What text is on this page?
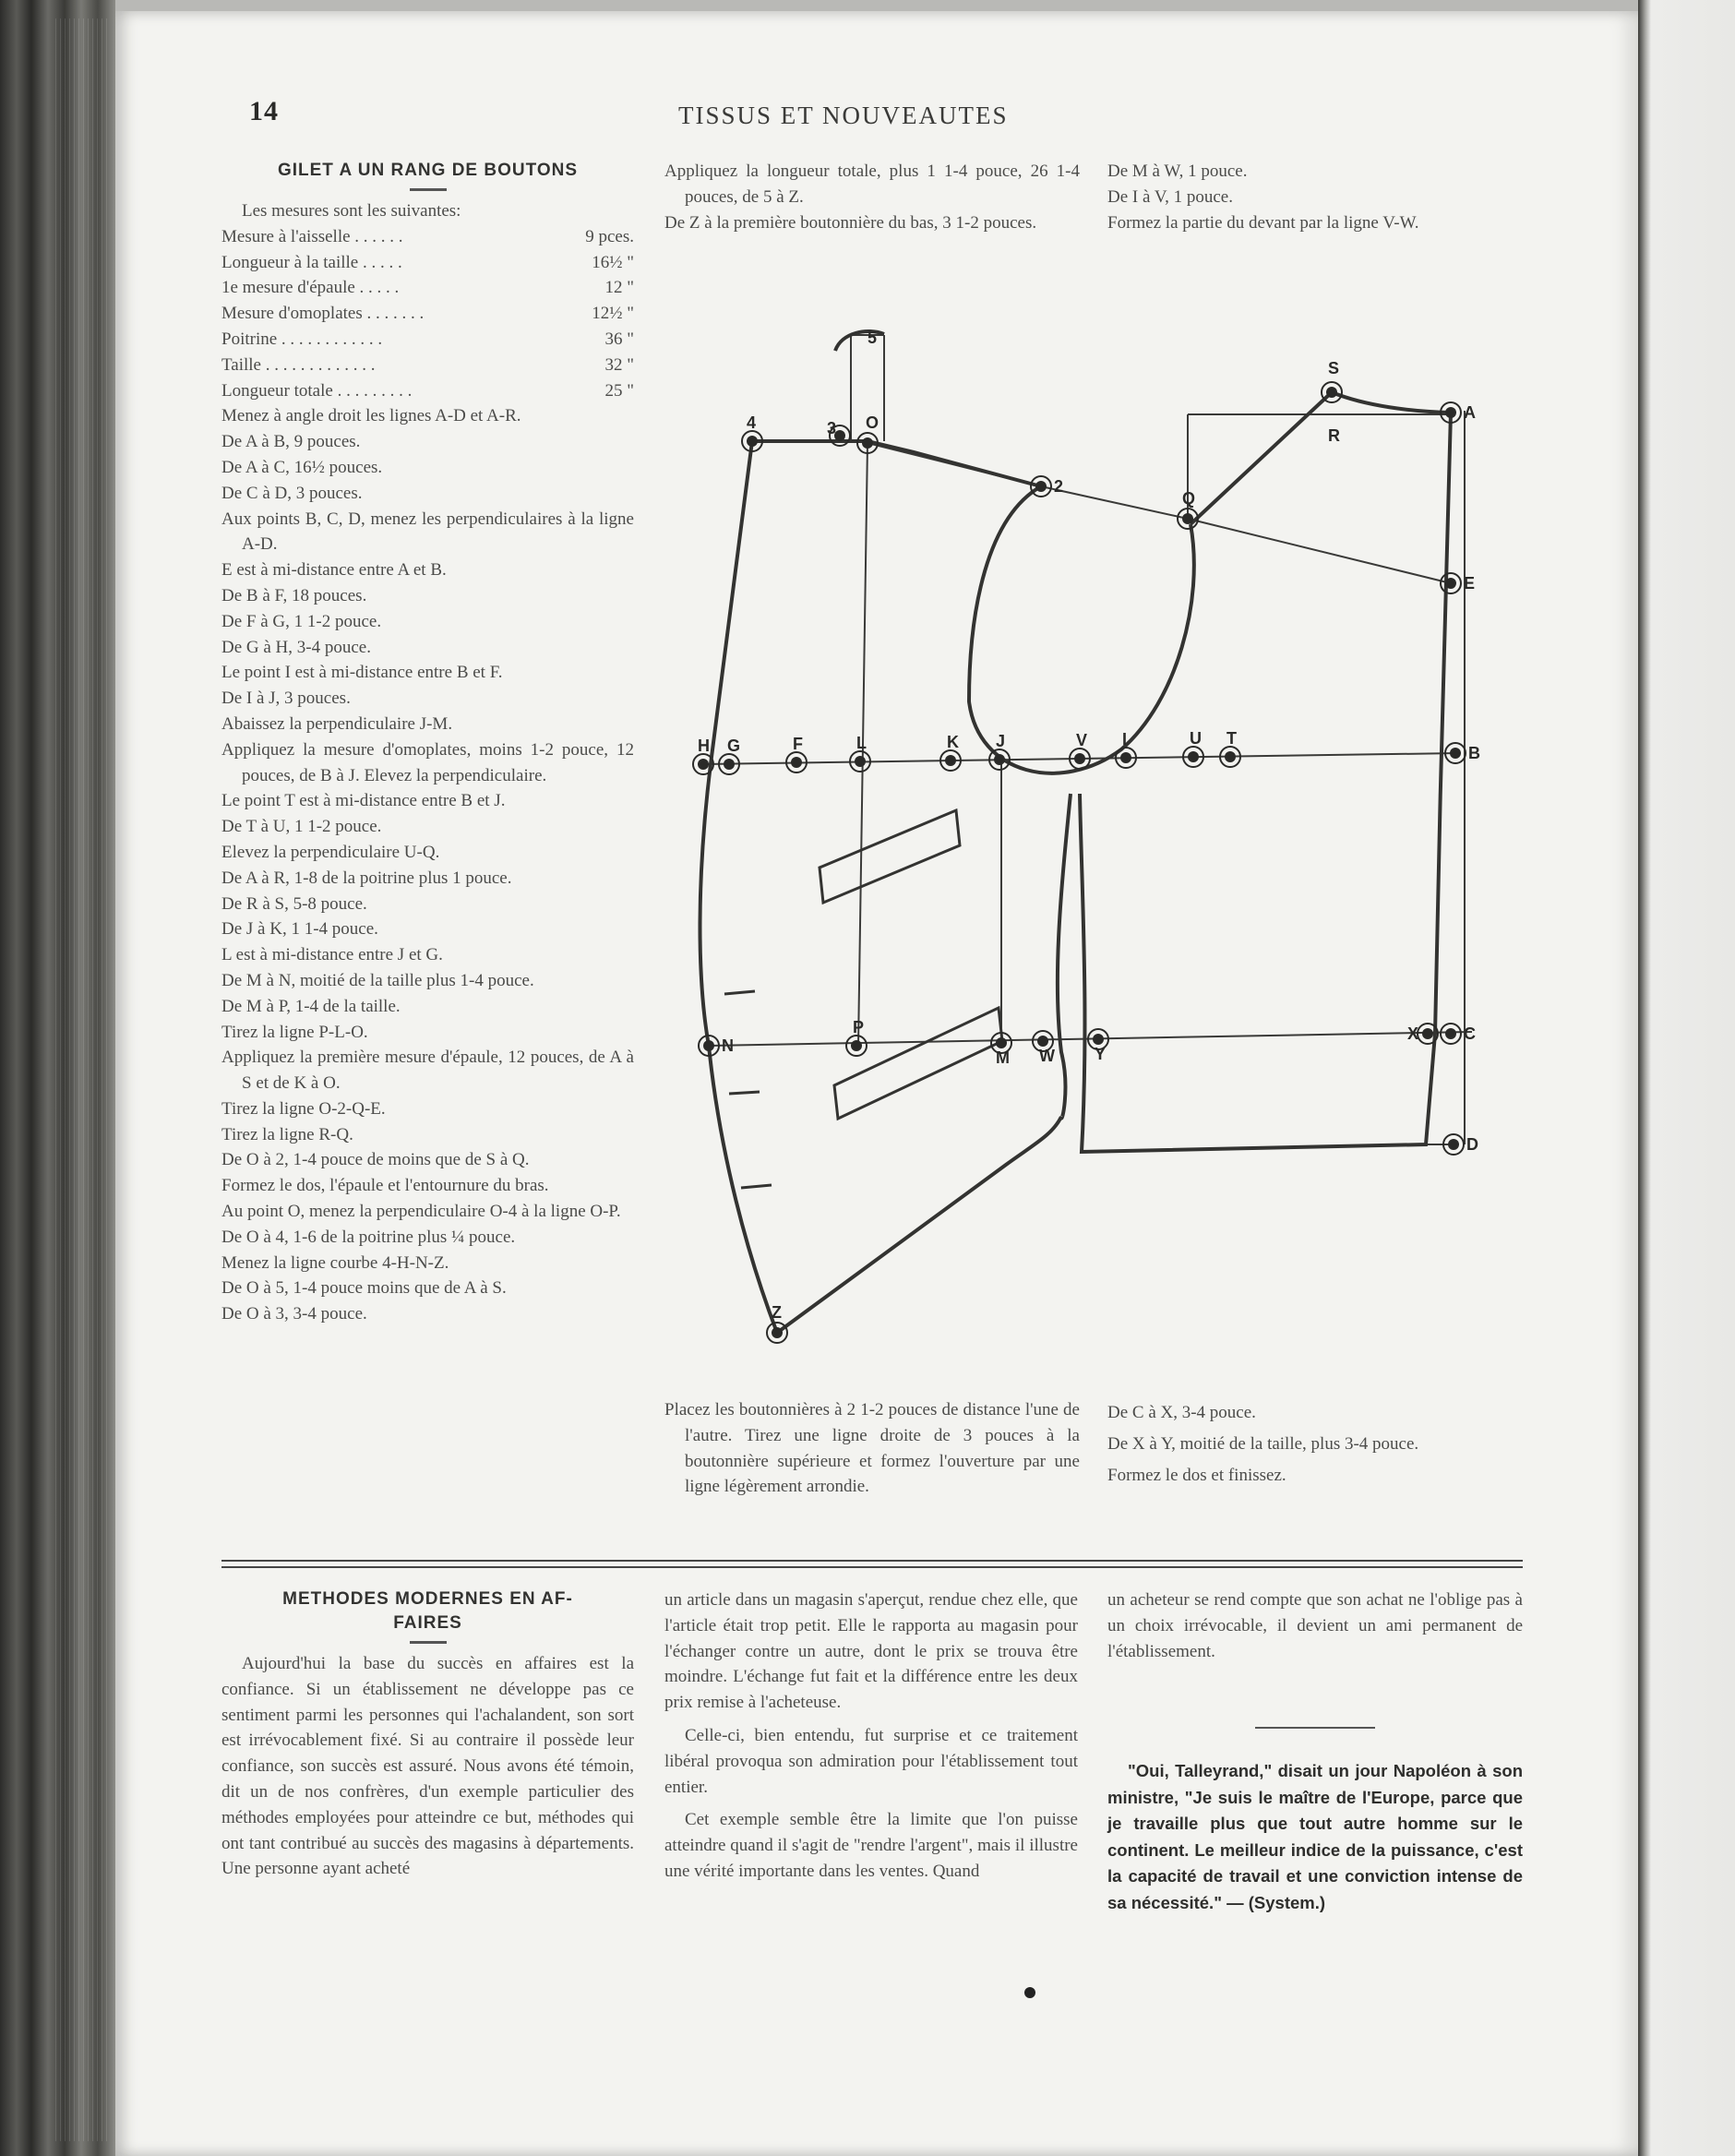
14	TISSUS ET NOUVEAUTES
GILET A UN RANG DE BOUTONS

Les mesures sont les suivantes:

Mesure à l'aisselle . . . . . .	9 pces.
Longueur à la taille . . . . .	16½ "
1e mesure d'épaule . . . . .	12 "
Mesure d'omoplates . . . . . . .	12½ "
Poitrine . . . . . . . . . . . .	36 "
Taille . . . . . . . . . . . . .	32 "
Longueur totale . . . . . . . . .	25 "

Menez à angle droit les lignes A-D et A-R.

De A à B, 9 pouces.

De A à C, 16½ pouces.

De C à D, 3 pouces.

Aux points B, C, D, menez les perpendiculaires à la ligne A-D.

E est à mi-distance entre A et B.

De B à F, 18 pouces.

De F à G, 1 1-2 pouce.

De G à H, 3-4 pouce.

Le point I est à mi-distance entre B et F.

De I à J, 3 pouces.

Abaissez la perpendiculaire J-M.

Appliquez la mesure d'omoplates, moins 1-2 pouce, 12 pouces, de B à J. Elevez la perpendiculaire.

Le point T est à mi-distance entre B et J.

De T à U, 1 1-2 pouce.

Elevez la perpendiculaire U-Q.

De A à R, 1-8 de la poitrine plus 1 pouce.

De R à S, 5-8 pouce.

De J à K, 1 1-4 pouce.

L est à mi-distance entre J et G.

De M à N, moitié de la taille plus 1-4 pouce.

De M à P, 1-4 de la taille.

Tirez la ligne P-L-O.

Appliquez la première mesure d'épaule, 12 pouces, de A à S et de K à O.

Tirez la ligne O-2-Q-E.

Tirez la ligne R-Q.

De O à 2, 1-4 pouce de moins que de S à Q.

Formez le dos, l'épaule et l'entournure du bras.

Au point O, menez la perpendiculaire O-4 à la ligne O-P.

De O à 4, 1-6 de la poitrine plus ¼ pouce.

Menez la ligne courbe 4-H-N-Z.

De O à 5, 1-4 pouce moins que de A à S.

De O à 3, 3-4 pouce.

Appliquez la longueur totale, plus 1 1-4 pouce, 26 1-4 pouces, de 5 à Z.

De Z à la première boutonnière du bas, 3 1-2 pouces.

De M à W, 1 pouce.

De I à V, 1 pouce.

Formez la partie du devant par la ligne V-W.

5
4	3 O
2
S
R
A
Q
E
H G	F	L	K J	V I	U T
B
N
P
M W Y
X	C
D
Z

Placez les boutonnières à 2 1-2 pouces de distance l'une de l'autre. Tirez une ligne droite de 3 pouces à la boutonnière supérieure et formez l'ouverture par une ligne légèrement arrondie.

De C à X, 3-4 pouce.

De X à Y, moitié de la taille, plus 3-4 pouce.

Formez le dos et finissez.

METHODES MODERNES EN AF-
FAIRES

Aujourd'hui la base du succès en affaires est la confiance. Si un établissement ne développe pas ce sentiment parmi les personnes qui l'achalandent, son sort est irrévocablement fixé. Si au contraire il possède leur confiance, son succès est assuré. Nous avons été témoin, dit un de nos confrères, d'un exemple particulier des méthodes employées pour atteindre ce but, méthodes qui ont tant contribué au succès des magasins à départements. Une personne ayant acheté

un article dans un magasin s'aperçut, rendue chez elle, que l'article était trop petit. Elle le rapporta au magasin pour l'échanger contre un autre, dont le prix se trouva être moindre. L'échange fut fait et la différence entre les deux prix remise à l'acheteuse.

Celle-ci, bien entendu, fut surprise et ce traitement libéral provoqua son admiration pour l'établissement tout entier.

Cet exemple semble être la limite que l'on puisse atteindre quand il s'agit de "rendre l'argent", mais il illustre une vérité importante dans les ventes. Quand

un acheteur se rend compte que son achat ne l'oblige pas à un choix irrévocable, il devient un ami permanent de l'établissement.

"Oui, Talleyrand," disait un jour Napoléon à son ministre, "Je suis le maître de l'Europe, parce que je travaille plus que tout autre homme sur le continent. Le meilleur indice de la puissance, c'est la capacité de travail et une conviction intense de sa nécessité." — (System.)
